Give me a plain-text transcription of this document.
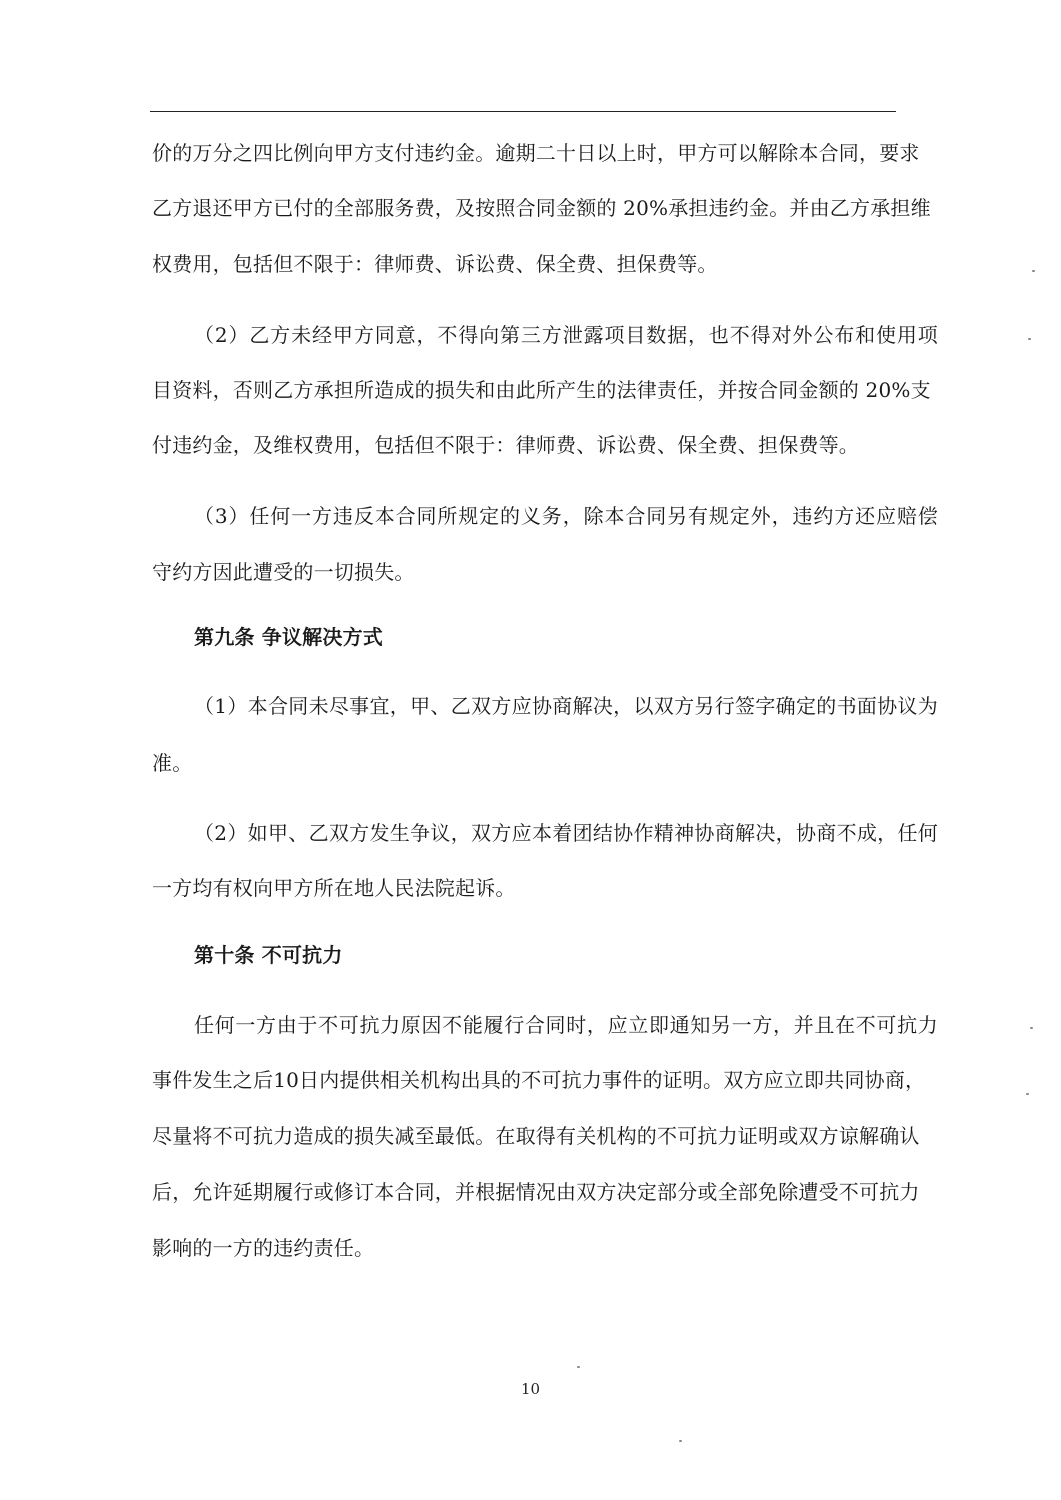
价的万分之四比例向甲方支付违约金。逾期二十日以上时，甲方可以解除本合同，要求
乙方退还甲方已付的全部服务费，及按照合同金额的 20%承担违约金。并由乙方承担维
权费用，包括但不限于：律师费、诉讼费、保全费、担保费等。
（2）乙方未经甲方同意，不得向第三方泄露项目数据，也不得对外公布和使用项
目资料，否则乙方承担所造成的损失和由此所产生的法律责任，并按合同金额的 20%支
付违约金，及维权费用，包括但不限于：律师费、诉讼费、保全费、担保费等。
（3）任何一方违反本合同所规定的义务，除本合同另有规定外，违约方还应赔偿
守约方因此遭受的一切损失。
第九条 争议解决方式
（1）本合同未尽事宜，甲、乙双方应协商解决，以双方另行签字确定的书面协议为
准。
（2）如甲、乙双方发生争议，双方应本着团结协作精神协商解决，协商不成，任何
一方均有权向甲方所在地人民法院起诉。
第十条 不可抗力
任何一方由于不可抗力原因不能履行合同时，应立即通知另一方，并且在不可抗力
事件发生之后10日内提供相关机构出具的不可抗力事件的证明。双方应立即共同协商，
尽量将不可抗力造成的损失减至最低。在取得有关机构的不可抗力证明或双方谅解确认
后，允许延期履行或修订本合同，并根据情况由双方决定部分或全部免除遭受不可抗力
影响的一方的违约责任。
10
